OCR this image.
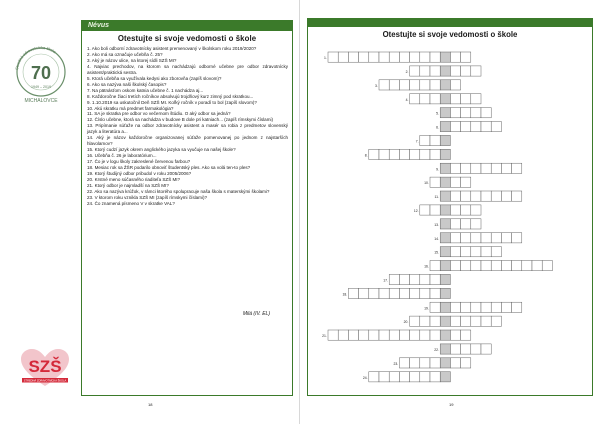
Stredná zdravotnícka škola
70
1949 – 2019
MICHALOVCE
Névus
Otestujte si svoje vedomosti o škole
1. Ako boli odborní zdravotnícky asistent premenovaný v školskom roku 2019/2020?
2. Ako má sa označuje učebňa č. 25?
3. Aký je názov ulice, na ktorej sídli SZŠ MI?
4. Najviac prechodov, na ktorom sa nachádzajú odborné učebne pre odbor zdravotnícky asistent/praktická sestra.
5. Ktorá učebňa sa využívala kedysi ako zborovňa (zapíš slovom)?
6. Ako sa nazýva naši školský časopis?
7. Na pätnásťom oskom katnia učebne č. 1 nachádza aj...
8. Každoročne žiaci tretích ročníkov absolvujú trojdňový kurz zimný pod skratkou...
9. 1.10.2019 sa uskutočnil Deň SZŠ MI. Koľký ročník v poradí to bol (zapíš slovom)?
10. Akú skratku má predmet farmakológia?
11. SA je skratka pre odbor vo večernom štúdiu. O aký odbor sa jedná?
12. Číslo učebne, ktorá sa nachádza v budove B dole pri katniach... (zapíš rímskymi číslami)
13. Pripímanie súťaže na odbor zdravotnícky asistent a masér sa robia z predmetov slovenský jazyk a literatúra a...
14. Aký je názov každoročne organizovanej súťaže pomenovanej po jednom z najstarších hlavolamov?
15. Ktorý cudzí jazyk okrem anglického jazyka sa vyučuje na našej škole?
16. Učebňa č. 26 je laboratórium...
17. Čo je v logu školy zakreslené červenou farbou?
18. Mesiac rok sa ŽŠR podarilo obnoviť študentský ples. Ako sa volá ten-to ples?
19. Ktorý študijný odbor pribudol v roku 2005/2006?
20. Krstné meno súčasného riaditeľa SZŠ MI?
21. Ktorý odbor je najmladší na SZŠ MI?
22. Ako sa nazýva krúžok, v rámci ktorého spolupracuje naša škola s materskými školami?
23. V ktorom roku vznikla SZŠ MI (zapíš rímskymi číslami)?
24. Čo znamená písmeno V v skratke VAL?
Milá (IV. EL)
SZŠ
STREDNÁ ZDRAVOTNÍCKA ŠKOLA
18	19
Otestujte si svoje vedomosti o škole
1.
2.
3.
4.
5.
6.
7.
8.
9.
10.
11.
12.
13.
14.
15.
16.
17.
18.
19.
20.
21.
22.
23.
24.
